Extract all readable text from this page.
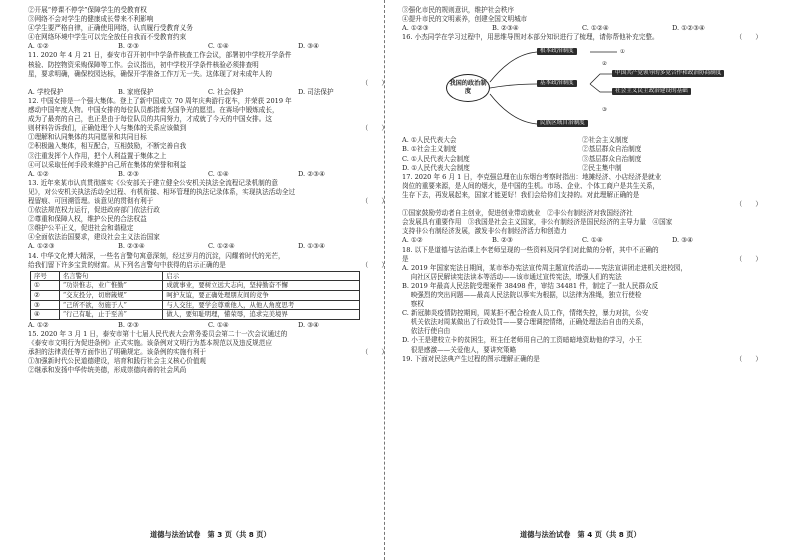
②开展“停课不停学”保障学生的受教育权
③网络不会对学生的健康成长带来不利影响
④学生要严格自律，正确使用网络，认真履行受教育义务
④在网络环境中学生可以完全放任自我而不受教育约束
A. ①②	B. ②③	C. ①④	D. ③④
11. 2020 年 4 月 21 日，泰安市召开初中中学条件核查工作会议，部署初中学校开学条件
核验、防控物资采购保障等工作。会议指出，初中学校开学条件核验必须排查明
星，要求明确，确保校园达标，确保开学准备工作万无一失。这体现了对未成年人的
（　　）

A. 学校保护	B. 家庭保护	C. 社会保护	D. 司法保护
12. 中国女排是一个强大集体。登上了新中国成立 70 周年庆典游行花车，并荣获 2019 年
感动中国年度人物。中国女排的每位队员都指着为国争光的愿望。在赛场中锻炼成长，
成为了最亮的自己，也正是由于每位队员的共同努力，才成就了今天的中国女排。这
（　　）
则材料告诉我们，正确处理个人与集体的关系应该做到
①理解和认同集体的共同愿景和共同目标
②积极融入集体，相互配合，互相鼓励，不断完善自我
③注重发挥个人作用，把个人利益置于集体之上
④可以采取任何手段来维护自己所在集体的荣誉和利益
A. ①②	B. ②③	C. ①④	D. ②③④
13. 近年来某市认真贯彻落实《公安部关于建立健全公安机关执法全流程记录机制的意
见》，对公安机关执法活动全过程、有机衔接、相环管理的执法记录体系，实现执法活动全过
（　　）
程留痕、可回溯管理。该意见的贯彻有利于
①依法规范权力运行，促进政府部门依法行政
②尊重和保障人权，维护公民的合法权益
③维护公平正义，促进社会和谐稳定
④全面依法治国要求，建设社会主义法治国家
A. ①②③	B. ②③④	C. ①②④	D. ①③④
14. 中华文化博大精深，一些名言警句寓意深刻，经过岁月的沉淀，闪耀着时代的光芒，
（　　）
给我们留下许多宝贵的财富。从下列名言警句中获得的启示正确的是
序号	名言警句	启示
①	“功崇惟志，业广惟勤”	成就事业，要树立远大志向，坚持勤奋不懈
②	“交友投分，切磨箴规”	呵护友谊，要正确处理朋友间的竞争
③	“己所不欲，勿施于人”	与人交往，要学会尊重他人，从他人角度思考
④	“行己有耻，止于至善”	做人，要知耻明理，懂荣辱，追求完美境界
A. ①②	B. ②③	C. ①④	D. ③④
15. 2020 年 3 月 1 日，泰安市第十七届人民代表大会常务委员会第二十一次会议通过的
《泰安市文明行为促进条例》正式实施。该条例对文明行为基本规范以及违反规范应
（　　）
承担的法律责任等方面作出了明确规定。该条例的实施有利于
①加强新时代公民道德建设，培育和践行社会主义核心价值观
②继承和发扬中华传统美德，形成崇德向善的社会风尚
道德与法治试卷　第 3 页（共 8 页）
③强化市民的规则意识，维护社会秩序
④提升市民的文明素养，创建全国文明城市
A. ①②③	B. ②③④	C. ①②④	D. ①②③④
（　　）
16. 小杰同学在学习过程中，用思维导图对本部分知识进行了梳理，请你帮他补充完整。
我国的政治制度
根本政治制度
基本政治制度
民族区域自治制度
中国共产党领导的多党合作和政治协商制度
社会主义民主政治建设的基础
①
②
③
A. ①人民代表大会	②社会主义制度
B. ①社会主义制度	②基层群众自治制度
C. ①人民代表大会制度	③基层群众自治制度
D. ①人民代表大会制度	②民主集中制
17. 2020 年 6 月 1 日，李克强总理在山东烟台考察时指出：地摊经济、小店经济是就业
岗位的重要来源，是人间的烟火，是中国的生机。市场、企业、个体工商户是共生关系，
生存下去，再发展起来，国家才能更好！我们会给你们支持的。对此理解正确的是
（　　）

①国家鼓励劳动者自主创业，促进创业带动就业　②非公有制经济对我国经济社
会发展具有重要作用　③我国是社会主义国家，非公有制经济是国民经济的主导力量　④国家
支持非公有制经济发展，激发非公有制经济活力和创造力
A. ①②	B. ②③	C. ①④	D. ③④
18. 以下是道德与法治课上李老师呈现的一些资料及同学们对此做的分析，其中不正确的
（　　）
是
A. 2019 年国家宪法日期间，某市举办宪法宣传周主题宣传活动——宪法宣讲团走进机关进校园，
　 向社区居民解读宪法读本等活动——该市通过宣传宪法，增强人们的宪法
B. 2019 年最高人民法院受理案件 38498 件，审结 34481 件，制定了一批人民群众反
　 映强烈的突出问题——最高人民法院以事实为根据，以法律为准绳，独立行使检
　 察权
C. 新冠肺炎疫情防控期间，周某拒不配合检查人员工作，情绪失控，暴力对抗，公安
　 机关依法对周某做出了行政处罚——要合理调控情绪，正确处理法治自由的关系，
　 依法行使自由
D. 小王是建校立卡的贫困生，班主任老师用自己的工资暗暗地资助他的学习，小王
　 很是感激——关爱他人，要讲究策略
（　　）
19. 下面对民法典产生过程的图示理解正确的是
道德与法治试卷　第 4 页（共 8 页）
